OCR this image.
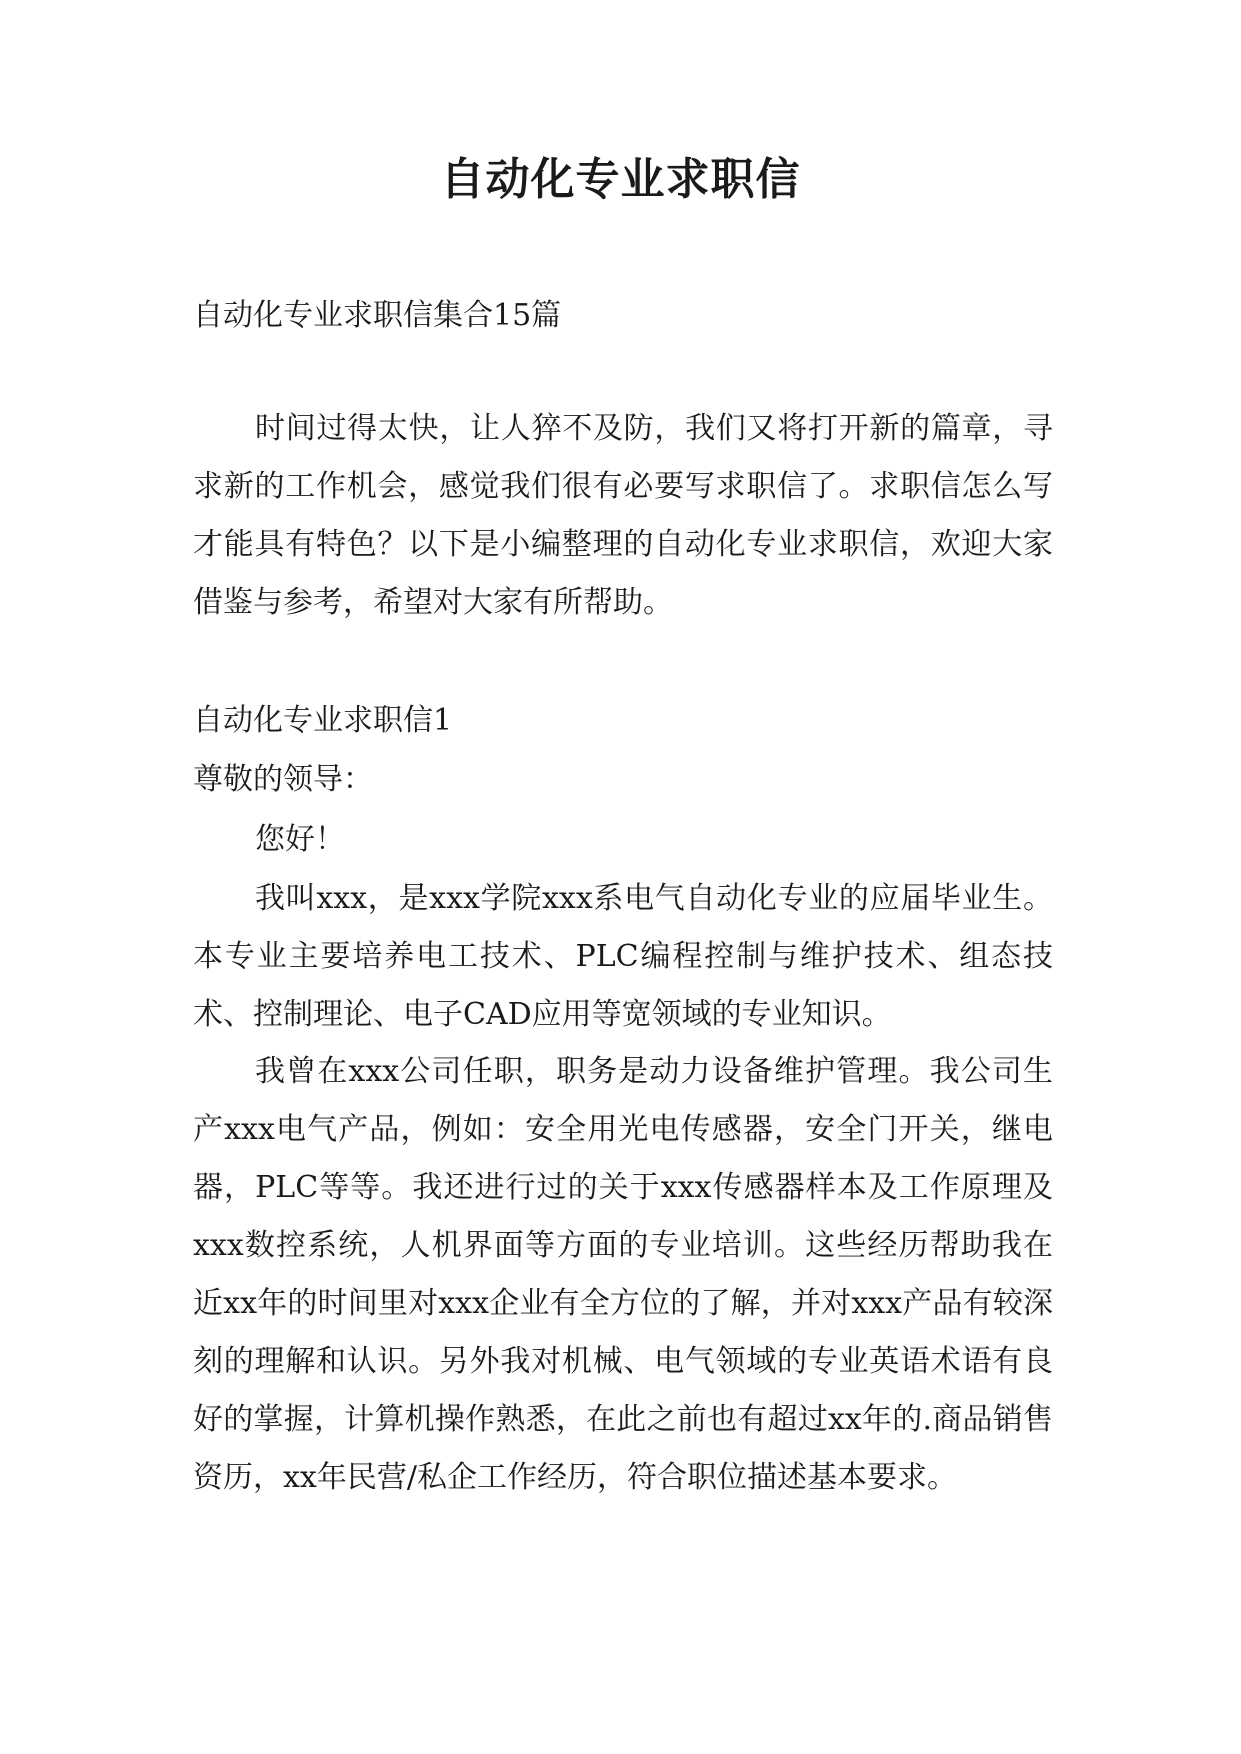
自动化专业求职信

自动化专业求职信集合15篇

时间过得太快，让人猝不及防，我们又将打开新的篇章，寻求新的工作机会，感觉我们很有必要写求职信了。求职信怎么写才能具有特色？以下是小编整理的自动化专业求职信，欢迎大家借鉴与参考，希望对大家有所帮助。

自动化专业求职信1

尊敬的领导：

您好！

我叫xxx，是xxx学院xxx系电气自动化专业的应届毕业生。本专业主要培养电工技术、PLC编程控制与维护技术、组态技术、控制理论、电子CAD应用等宽领域的专业知识。

我曾在xxx公司任职，职务是动力设备维护管理。我公司生产xxx电气产品，例如：安全用光电传感器，安全门开关，继电器，PLC等等。我还进行过的关于xxx传感器样本及工作原理及xxx数控系统，人机界面等方面的专业培训。这些经历帮助我在近xx年的时间里对xxx企业有全方位的了解，并对xxx产品有较深刻的理解和认识。另外我对机械、电气领域的专业英语术语有良好的掌握，计算机操作熟悉，在此之前也有超过xx年的.商品销售资历，xx年民营/私企工作经历，符合职位描述基本要求。
